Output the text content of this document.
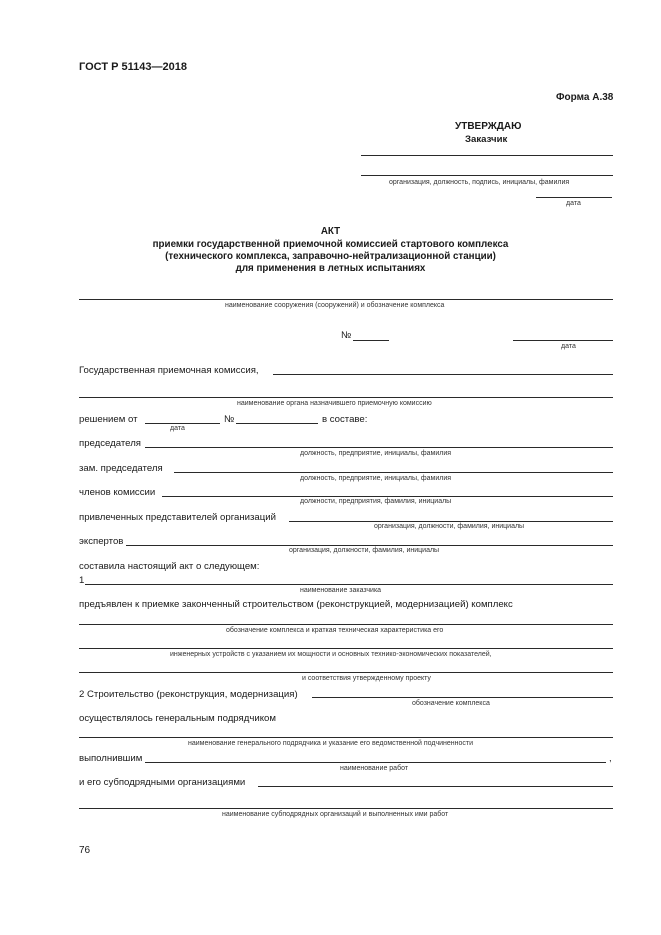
ГОСТ Р 51143—2018
Форма А.38
УТВЕРЖДАЮ
Заказчик
организация, должность, подпись, инициалы, фамилия
дата
АКТ
приемки государственной приемочной комиссией стартового комплекса
(технического комплекса, заправочно-нейтрализационной станции)
для применения в летных испытаниях
наименование сооружения (сооружений) и обозначение комплекса
№
дата
Государственная приемочная комиссия,
наименование органа назначившего приемочную комиссию
решением от	№	в составе:
дата
председателя
должность, предприятие, инициалы, фамилия
зам. председателя
должность, предприятие, инициалы, фамилия
членов комиссии
должности, предприятия, фамилия, инициалы
привлеченных представителей организаций
организация, должности, фамилия, инициалы
экспертов
организация, должности, фамилия, инициалы
составила настоящий акт о следующем:
1
наименование заказчика
предъявлен к приемке законченный строительством (реконструкцией, модернизацией) комплекс
обозначение комплекса и краткая техническая характеристика его
инженерных устройств с указанием их мощности и основных технико-экономических показателей,
и соответствия утвержденному проекту
2 Строительство (реконструкция, модернизация)
обозначение комплекса
осуществлялось генеральным подрядчиком
наименование генерального подрядчика и указание его ведомственной подчиненности
выполнившим	,
наименование работ
и его субподрядными организациями
наименование субподрядных организаций и выполненных ими работ
76
